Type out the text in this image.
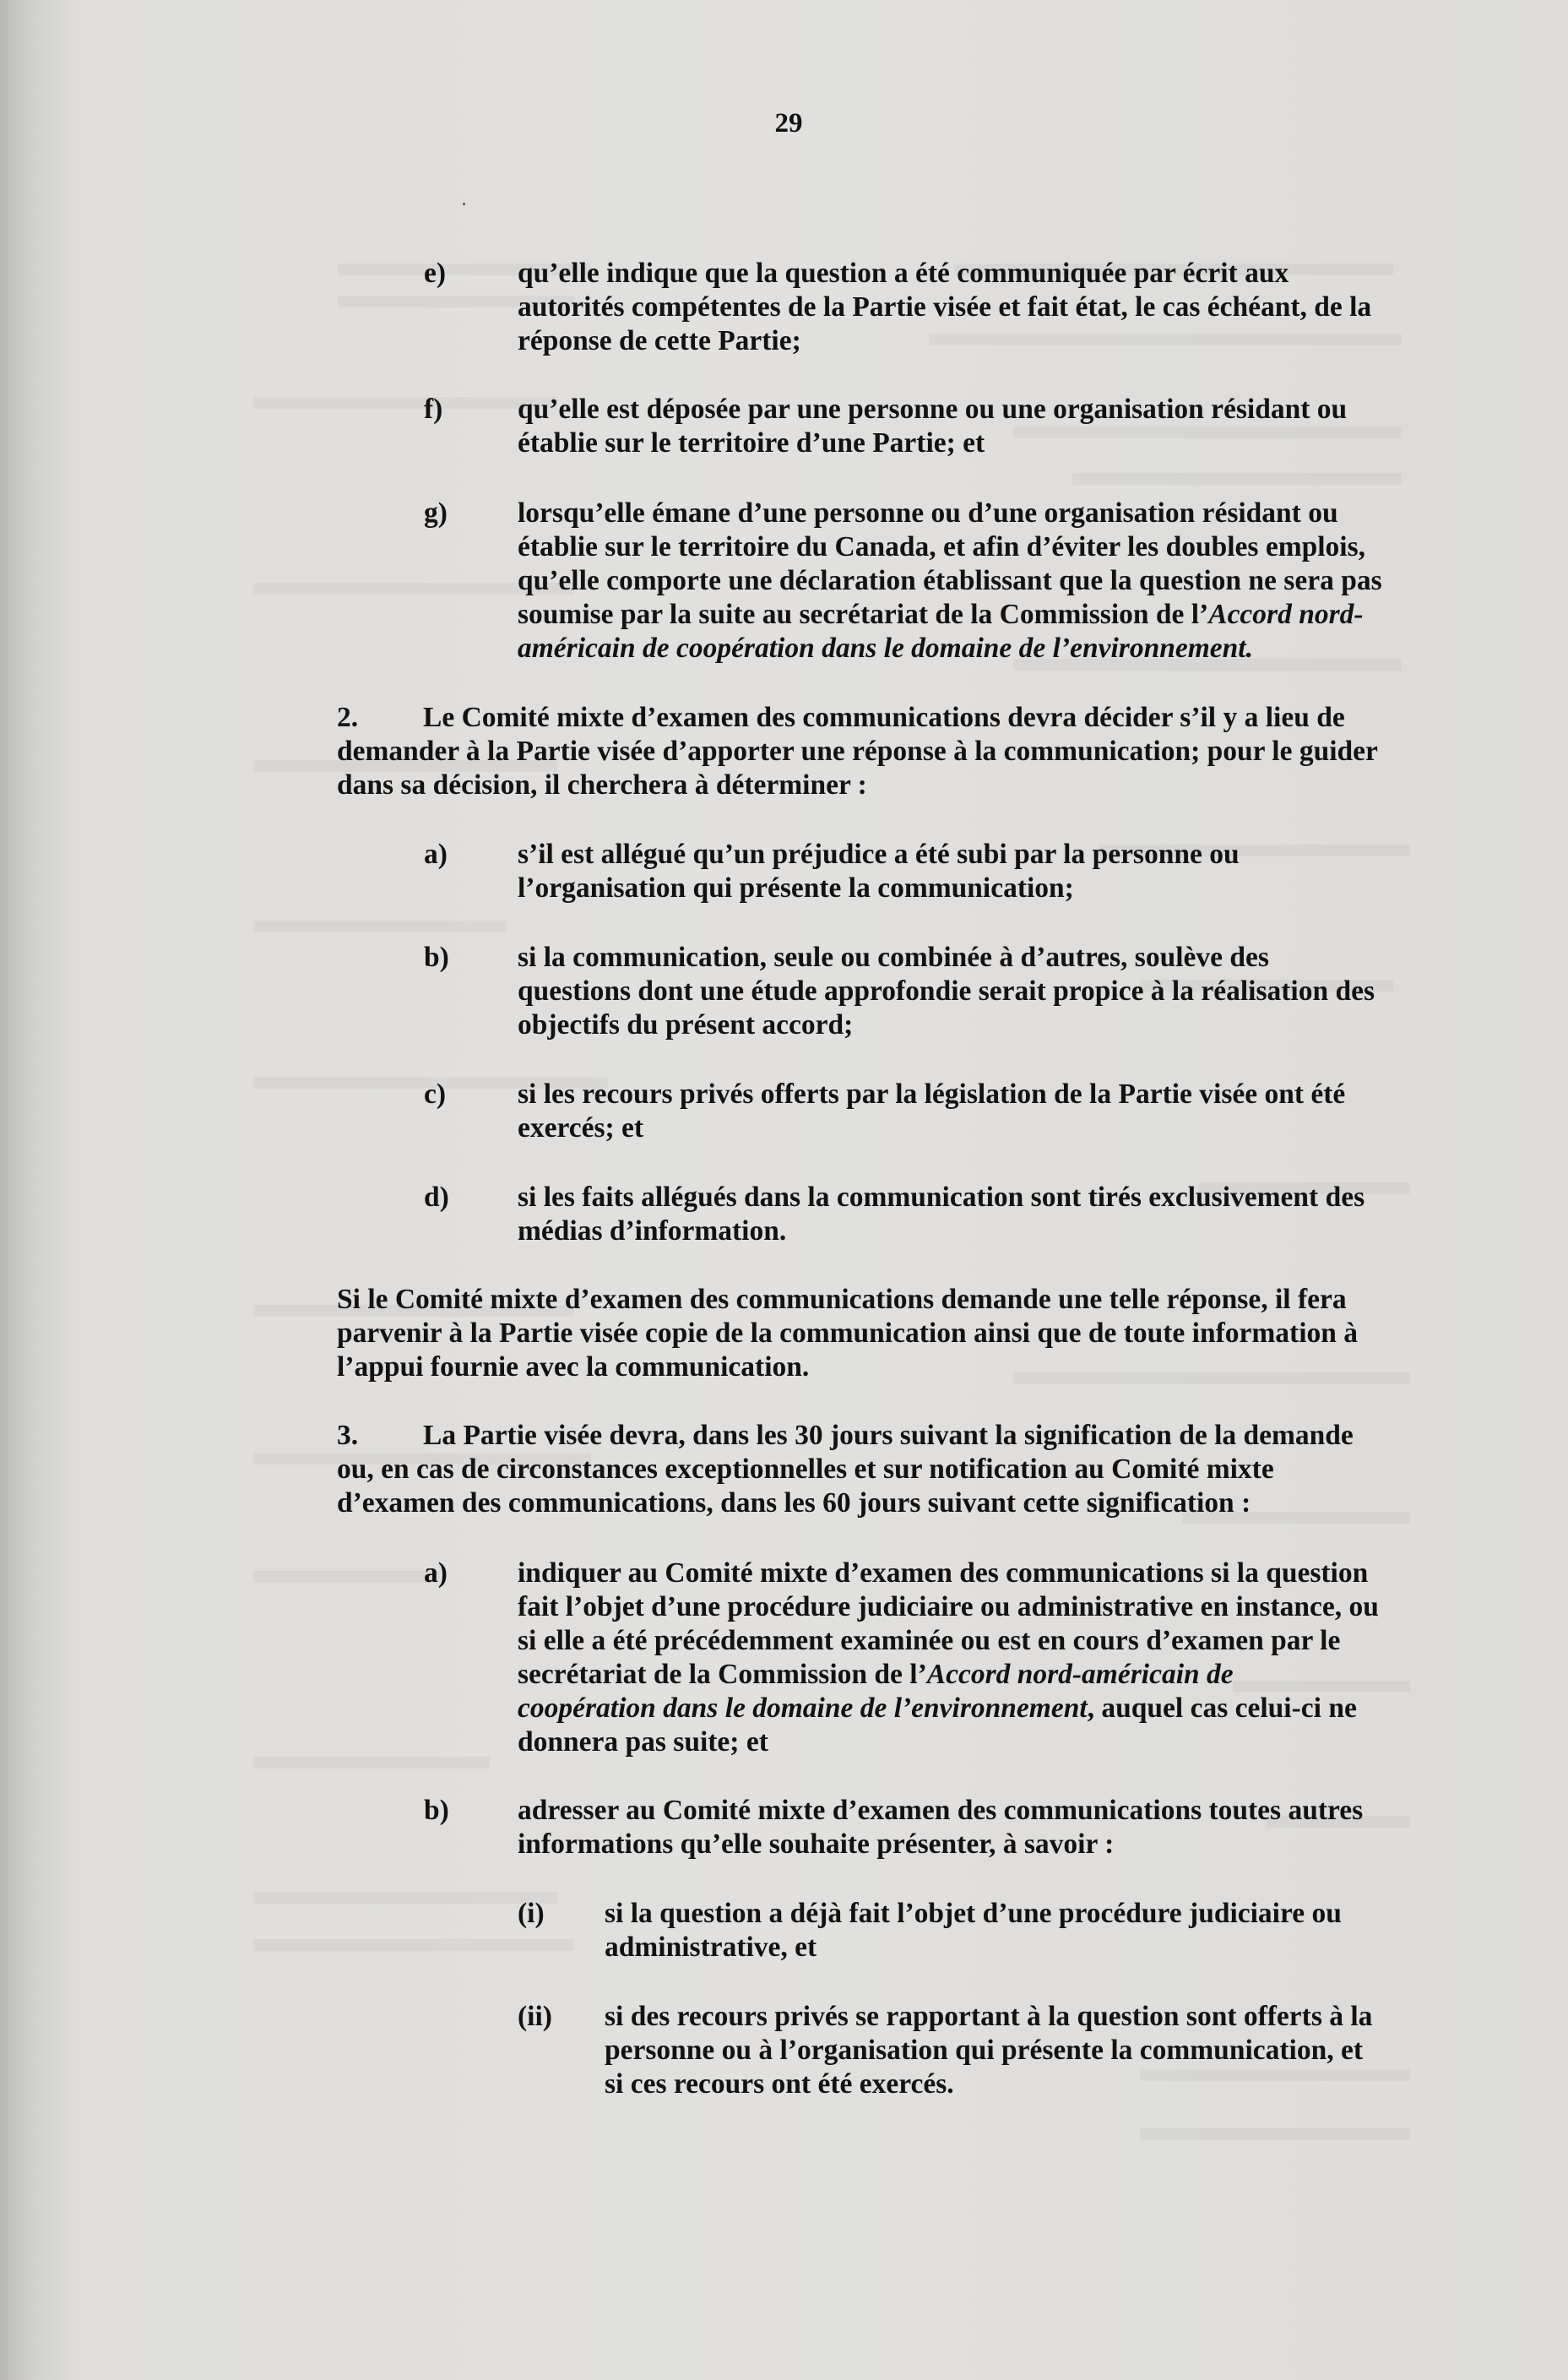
29
e)	qu’elle indique que la question a été communiquée par écrit aux
autorités compétentes de la Partie visée et fait état, le cas échéant, de la
réponse de cette Partie;
f)	qu’elle est déposée par une personne ou une organisation résidant ou
établie sur le territoire d’une Partie; et
g) lorsqu’elle émane d’une personne ou d’une organisation résidant ou
établie sur le territoire du Canada, et afin d’éviter les doubles emplois,
qu’elle comporte une déclaration établissant que la question ne sera pas
soumise par la suite au secrétariat de la Commission de l’Accord nord-
américain de coopération dans le domaine de l’environnement.
2. Le Comité mixte d’examen des communications devra décider s’il y a lieu de
demander à la Partie visée d’apporter une réponse à la communication; pour le guider
dans sa décision, il cherchera à déterminer :
a) s’il est allégué qu’un préjudice a été subi par la personne ou
l’organisation qui présente la communication;
b) si la communication, seule ou combinée à d’autres, soulève des
questions dont une étude approfondie serait propice à la réalisation des
objectifs du présent accord;
c)	si les recours privés offerts par la législation de la Partie visée ont été
exercés; et
d) si les faits allégués dans la communication sont tirés exclusivement des
médias d’information.
Si le Comité mixte d’examen des communications demande une telle réponse, il fera
parvenir à la Partie visée copie de la communication ainsi que de toute information à
l’appui fournie avec la communication.
3. La Partie visée devra, dans les 30 jours suivant la signification de la demande
ou, en cas de circonstances exceptionnelles et sur notification au Comité mixte
d’examen des communications, dans les 60 jours suivant cette signification :
a) indiquer au Comité mixte d’examen des communications si la question
fait l’objet d’une procédure judiciaire ou administrative en instance, ou
si elle a été précédemment examinée ou est en cours d’examen par le
secrétariat de la Commission de l’Accord nord-américain de
coopération dans le domaine de l’environnement, auquel cas celui-ci ne
donnera pas suite; et
b) adresser au Comité mixte d’examen des communications toutes autres
informations qu’elle souhaite présenter, à savoir :
(i) si la question a déjà fait l’objet d’une procédure judiciaire ou
administrative, et
(ii) si des recours privés se rapportant à la question sont offerts à la
personne ou à l’organisation qui présente la communication, et
si ces recours ont été exercés.
